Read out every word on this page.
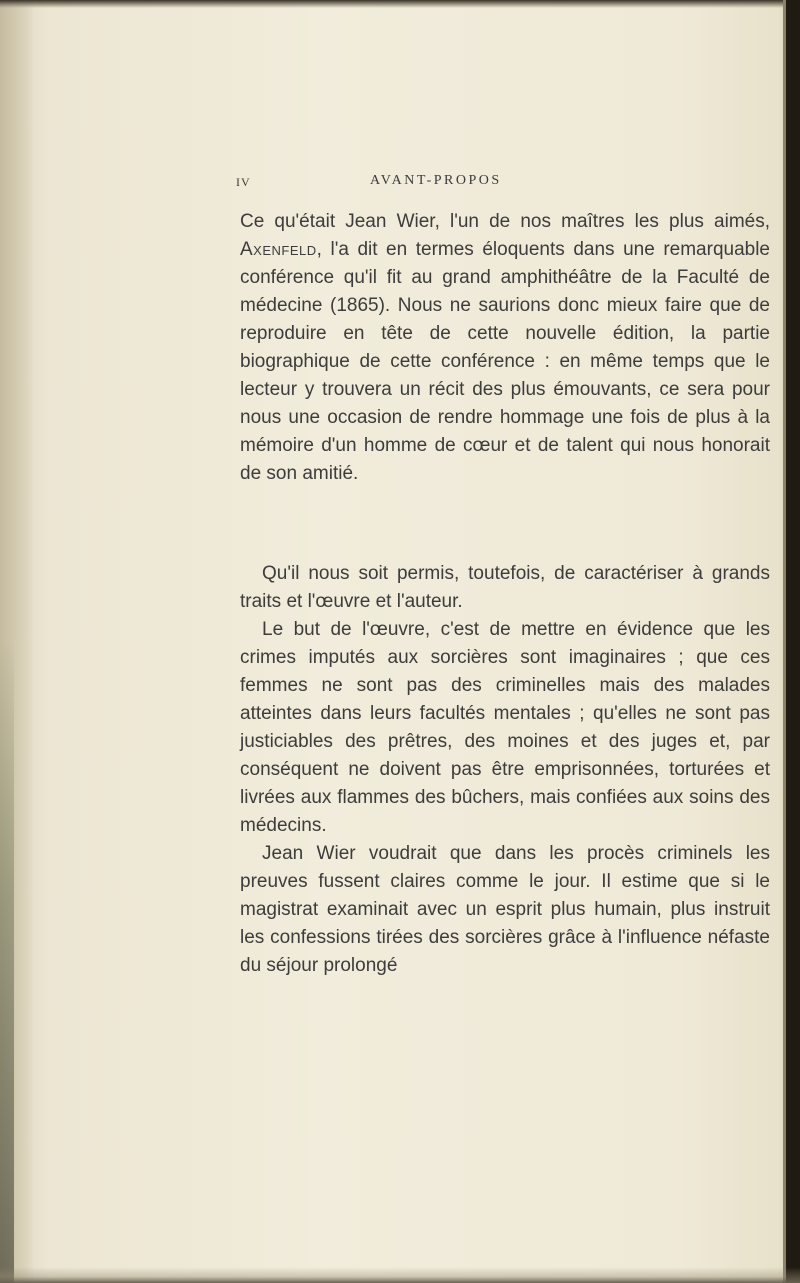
IV	AVANT-PROPOS

Ce qu'était Jean Wier, l'un de nos maîtres les plus aimés, Axenfeld, l'a dit en termes éloquents dans une remarquable conférence qu'il fit au grand amphithéâtre de la Faculté de médecine (1865). Nous ne saurions donc mieux faire que de reproduire en tête de cette nouvelle édition, la partie biographique de cette conférence : en même temps que le lecteur y trouvera un récit des plus émouvants, ce sera pour nous une occasion de rendre hommage une fois de plus à la mémoire d'un homme de cœur et de talent qui nous honorait de son amitié.

Qu'il nous soit permis, toutefois, de caractériser à grands traits et l'œuvre et l'auteur.

Le but de l'œuvre, c'est de mettre en évidence que les crimes imputés aux sorcières sont imaginaires ; que ces femmes ne sont pas des criminelles mais des malades atteintes dans leurs facultés mentales ; qu'elles ne sont pas justiciables des prêtres, des moines et des juges et, par conséquent ne doivent pas être emprisonnées, torturées et livrées aux flammes des bûchers, mais confiées aux soins des médecins.

Jean Wier voudrait que dans les procès criminels les preuves fussent claires comme le jour. Il estime que si le magistrat examinait avec un esprit plus humain, plus instruit les confessions tirées des sorcières grâce à l'influence néfaste du séjour prolongé
